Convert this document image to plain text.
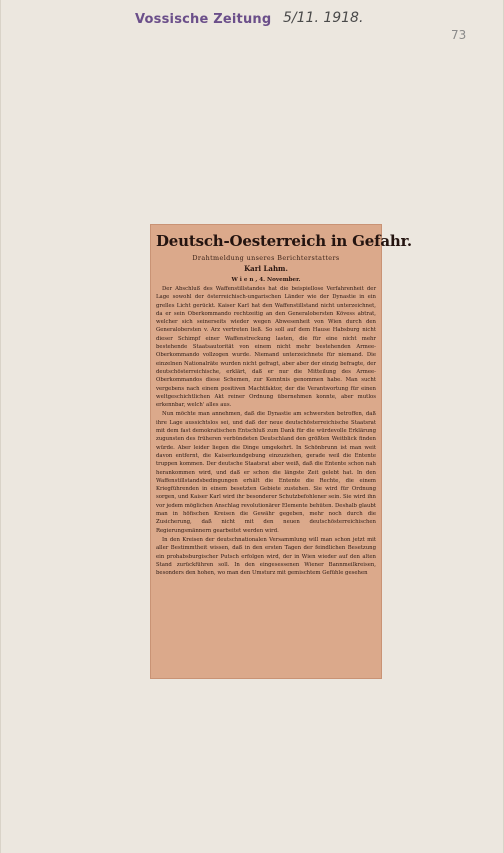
Vossische Zeitung 5/11. 1918.
73
Deutsch-Oesterreich in Gefahr.
Drahtmeldung unseres Berichterstatters
Karl Lahm.
W i e n , 4. November.

Der Abschluß des Waffenstillstandes hat die beispiellose Verfahrenheit der Lage sowohl der österreichisch-ungarischen Länder wie der Dynastie in ein grelles Licht gerückt. Kaiser Karl hat den Waffenstillstand nicht unterzeichnet, da er sein Oberkommando rechtzeitig an den Generalobersten Kövess abtrat, welcher sich seinerseits wieder wegen Abwesenheit von Wien durch den Generalobersten v. Arz vertreten ließ. So soll auf dem Hause Habsburg nicht dieser Schimpf einer Waffenstreckung lasten, die für eine nicht mehr bestehende Staatsautorität von einem nicht mehr bestehenden Armee-Oberkommando vollzogen wurde. Niemand unterzeichnete für niemand. Die einzelnen Nationalräte wurden nicht gefragt, aber aber der einzig befragte, der deutschösterreichische, erklärt, daß er nur die Mitteilung des Armee-Oberkommandos diese Schemen, zur Kenntnis genommen habe. Man sucht vergebens nach einem positiven Machtfaktor, der die Verantwortung für einen weltgeschichtlichen Akt reiner Ordnung übernehmen konnte, aber mutlos erkennbar, welch' alles aus.

Nun möchte man annehmen, daß die Dynastie am schwersten betroffen, daß ihre Lage aussichtslos sei, und daß der neue deutschösterreichische Staatsrat mit dem fast demokratischen Entschluß zum Dank für die würdevolle Erklärung zugunsten des früheren verbündeten Deutschland den größten Weitblick finden würde. Aber leider liegen die Dinge umgekehrt. In Schönbrunn ist man weit davon entfernt, die Kaiserkundgebung einzuziehen, gerade weil die Entente truppen kommen. Der deutsche Staatsrat aber weiß, daß die Entente schon nah herankommen wird, und daß er schon die längste Zeit gelebt hat. In den Waffenstillstandsbedingungen erhält die Entente die Rechte, die einem Kriegführenden in einem besetzten Gebiete zustehen. Sie wird für Ordnung sorgen, und Kaiser Karl wird ihr besonderer Schutzbefohlener sein. Sie wird ihn vor jedem möglichen Anschlag revolutionärer Elemente behüten. Deshalb glaubt man in höfischen Kreisen die Gewähr gegeben, mehr noch durch die Zusicherung, daß nicht mit den neuen deutschösterreichischen Regierungsmännern gearbeitet werden wird.

In den Kreisen der deutschnationalen Versammlung will man schon jetzt mit aller Bestimmtheit wissen, daß in den ersten Tagen der feindlichen Besetzung ein prohabsburgischer Putsch erfolgen wird, der in Wien wieder auf den alten Stand zurückführen soll. In den eingesessenen Wiener Bannmeilkreisen, besonders den hohen, wo man den Umsturz mit gemischtem Gefühle gesehen
